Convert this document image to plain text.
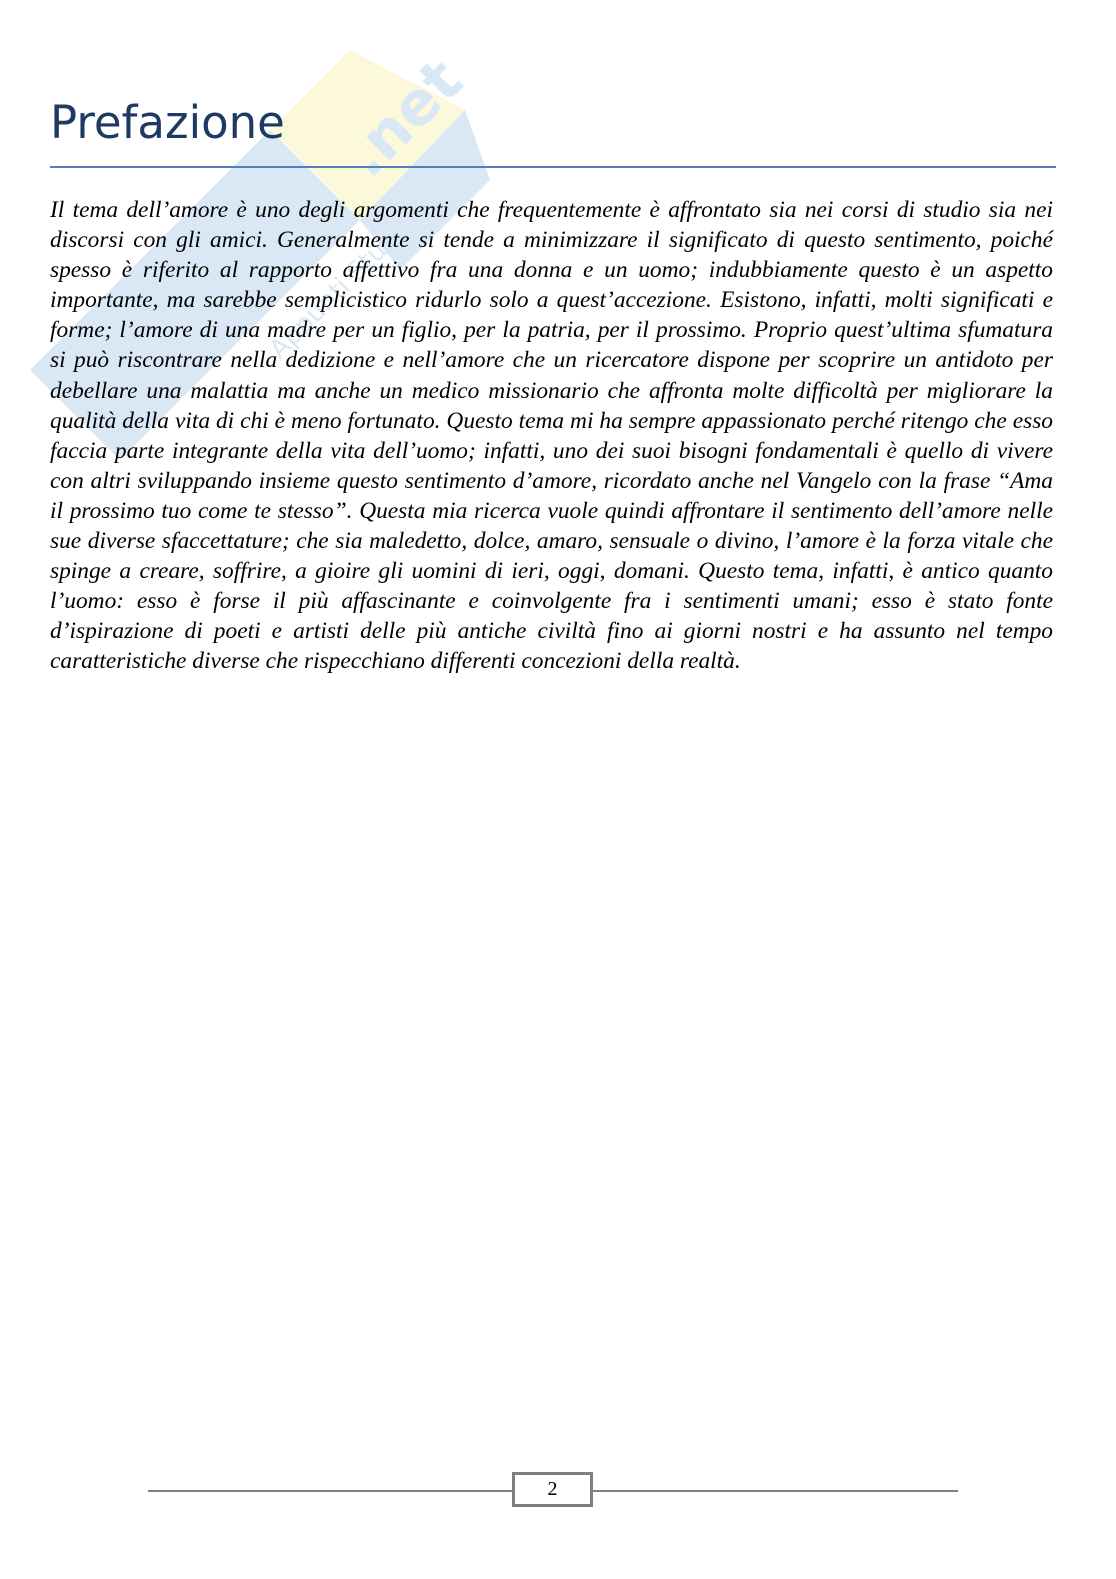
.net
Appunti Studente
Prefazione

Il tema dell’amore è uno degli argomenti che frequentemente è affrontato sia nei corsi di studio sia nei discorsi con gli amici. Generalmente si tende a minimizzare il significato di questo sentimento, poiché spesso è riferito al rapporto affettivo fra una donna e un uomo; indubbiamente questo è un aspetto importante, ma sarebbe semplicistico ridurlo solo a quest’accezione. Esistono, infatti, molti significati e forme; l’amore di una madre per un figlio, per la patria, per il prossimo. Proprio quest’ultima sfumatura si può riscontrare nella dedizione e nell’amore che un ricercatore dispone per scoprire un antidoto per debellare una malattia ma anche un medico missionario che affronta molte difficoltà per migliorare la qualità della vita di chi è meno fortunato. Questo tema mi ha sempre appassionato perché ritengo che esso faccia parte integrante della vita dell’uomo; infatti, uno dei suoi bisogni fondamentali è quello di vivere con altri sviluppando insieme questo sentimento d’amore, ricordato anche nel Vangelo con la frase “Ama il prossimo tuo come te stesso”. Questa mia ricerca vuole quindi affrontare il sentimento dell’amore nelle sue diverse sfaccettature; che sia maledetto, dolce, amaro, sensuale o divino, l’amore è la forza vitale che spinge a creare, soffrire, a gioire gli uomini di ieri, oggi, domani. Questo tema, infatti, è antico quanto l’uomo: esso è forse il più affascinante e coinvolgente fra i sentimenti umani; esso è stato fonte d’ispirazione di poeti e artisti delle più antiche civiltà fino ai giorni nostri e ha assunto nel tempo caratteristiche diverse che rispecchiano differenti concezioni della realtà.

2
